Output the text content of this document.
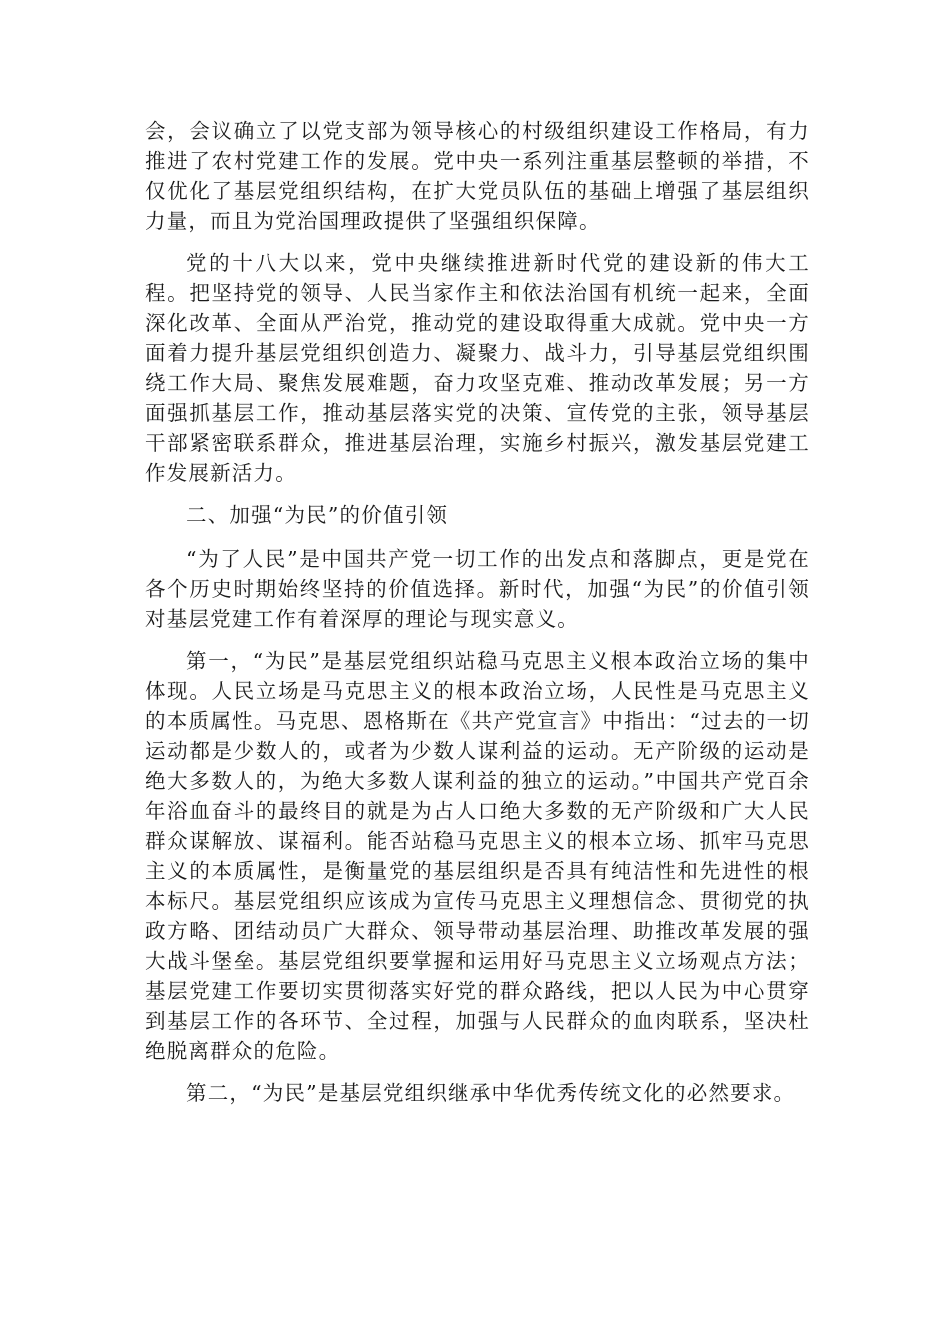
会，会议确立了以党支部为领导核心的村级组织建设工作格局，有力推进了农村党建工作的发展。党中央一系列注重基层整顿的举措，不仅优化了基层党组织结构，在扩大党员队伍的基础上增强了基层组织力量，而且为党治国理政提供了坚强组织保障。

党的十八大以来，党中央继续推进新时代党的建设新的伟大工程。把坚持党的领导、人民当家作主和依法治国有机统一起来，全面深化改革、全面从严治党，推动党的建设取得重大成就。党中央一方面着力提升基层党组织创造力、凝聚力、战斗力，引导基层党组织围绕工作大局、聚焦发展难题，奋力攻坚克难、推动改革发展；另一方面强抓基层工作，推动基层落实党的决策、宣传党的主张，领导基层干部紧密联系群众，推进基层治理，实施乡村振兴，激发基层党建工作发展新活力。

二、加强“为民”的价值引领

“为了人民”是中国共产党一切工作的出发点和落脚点，更是党在各个历史时期始终坚持的价值选择。新时代，加强“为民”的价值引领对基层党建工作有着深厚的理论与现实意义。

第一，“为民”是基层党组织站稳马克思主义根本政治立场的集中体现。人民立场是马克思主义的根本政治立场，人民性是马克思主义的本质属性。马克思、恩格斯在《共产党宣言》中指出：“过去的一切运动都是少数人的，或者为少数人谋利益的运动。无产阶级的运动是绝大多数人的，为绝大多数人谋利益的独立的运动。”中国共产党百余年浴血奋斗的最终目的就是为占人口绝大多数的无产阶级和广大人民群众谋解放、谋福利。能否站稳马克思主义的根本立场、抓牢马克思主义的本质属性，是衡量党的基层组织是否具有纯洁性和先进性的根本标尺。基层党组织应该成为宣传马克思主义理想信念、贯彻党的执政方略、团结动员广大群众、领导带动基层治理、助推改革发展的强大战斗堡垒。基层党组织要掌握和运用好马克思主义立场观点方法；基层党建工作要切实贯彻落实好党的群众路线，把以人民为中心贯穿到基层工作的各环节、全过程，加强与人民群众的血肉联系，坚决杜绝脱离群众的危险。

第二，“为民”是基层党组织继承中华优秀传统文化的必然要求。
